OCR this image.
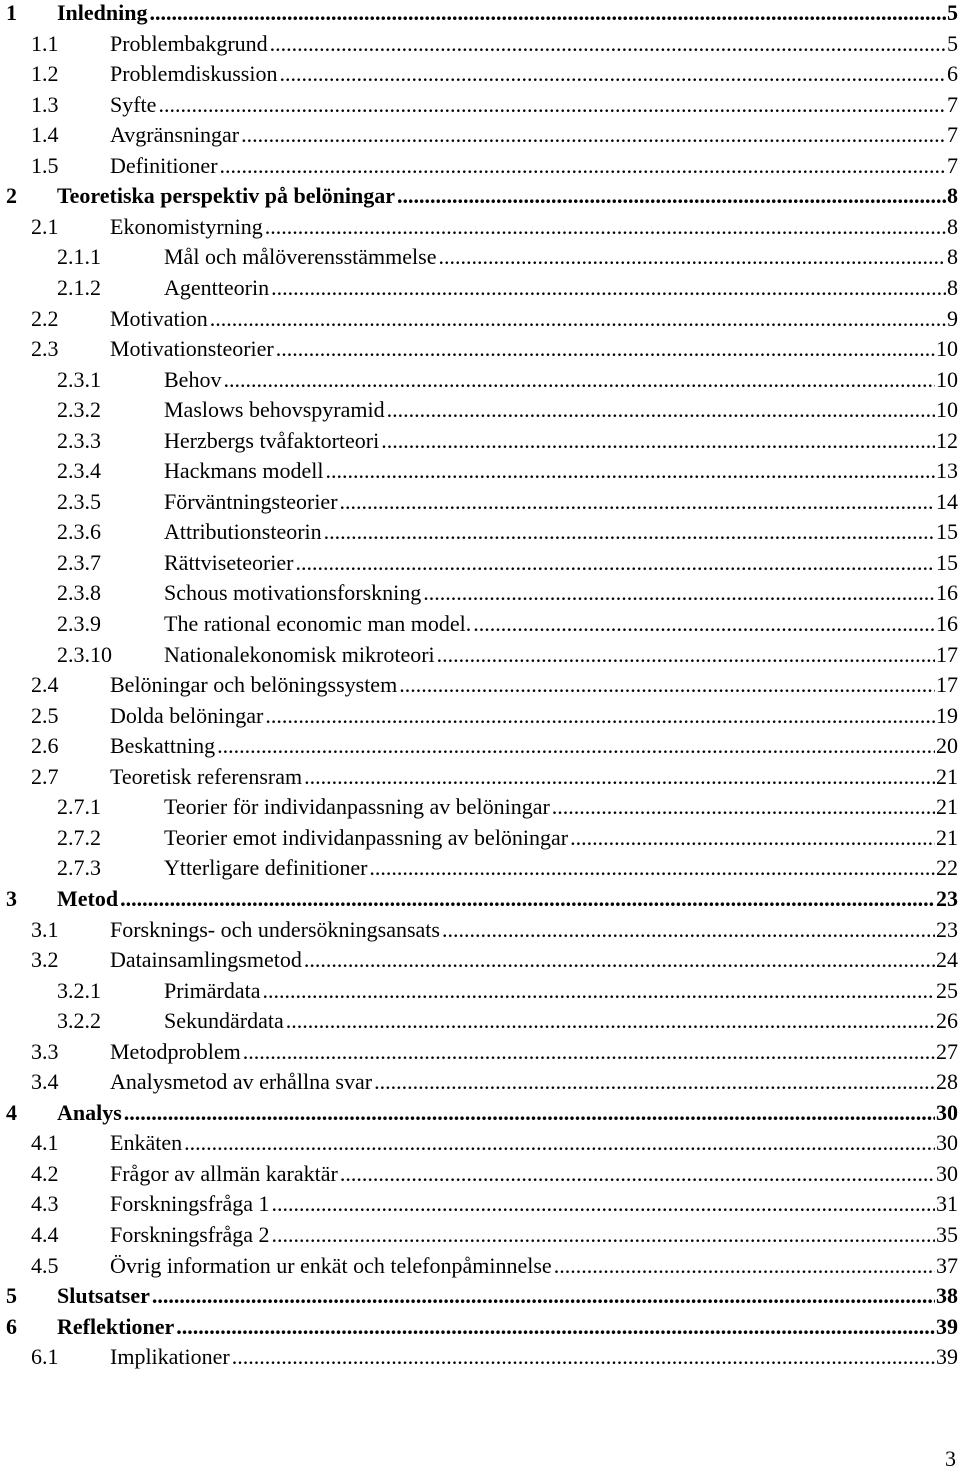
1 Inledning .....	5
1.1 Problembakgrund .....	5
1.2 Problemdiskussion .....	6
1.3 Syfte .....	7
1.4 Avgränsningar .....	7
1.5 Definitioner .....	7
2 Teoretiska perspektiv på belöningar .....	8
2.1 Ekonomistyrning .....	8
2.1.1	Mål och målöverensstämmelse .....	8
2.1.2	Agentteorin .....	8
2.2 Motivation .....	9
2.3 Motivationsteorier .....	10
2.3.1	Behov .....	10
2.3.2	Maslows behovspyramid .....	10
2.3.3	Herzbergs tvåfaktorteori .....	12
2.3.4	Hackmans modell .....	13
2.3.5	Förväntningsteorier .....	14
2.3.6	Attributionsteorin .....	15
2.3.7	Rättviseteorier .....	15
2.3.8	Schous motivationsforskning .....	16
2.3.9	The rational economic man model. .....	16
2.3.10 Nationalekonomisk mikroteori .....	17
2.4 Belöningar och belöningssystem .....	17
2.5 Dolda belöningar .....	19
2.6 Beskattning .....	20
2.7 Teoretisk referensram .....	21
2.7.1	Teorier för individanpassning av belöningar .....	21
2.7.2	Teorier emot individanpassning av belöningar .....	21
2.7.3	Ytterligare definitioner .....	22
3 Metod .....	23
3.1 Forsknings- och undersökningsansats .....	23
3.2 Datainsamlingsmetod .....	24
3.2.1	Primärdata .....	25
3.2.2	Sekundärdata .....	26
3.3 Metodproblem .....	27
3.4 Analysmetod av erhållna svar .....	28
4 Analys .....	30
4.1 Enkäten .....	30
4.2 Frågor av allmän karaktär .....	30
4.3 Forskningsfråga 1 .....	31
4.4 Forskningsfråga 2 .....	35
4.5 Övrig information ur enkät och telefonpåminnelse .....	37
5 Slutsatser .....	38
6 Reflektioner .....	39
6.1 Implikationer .....	39
3
